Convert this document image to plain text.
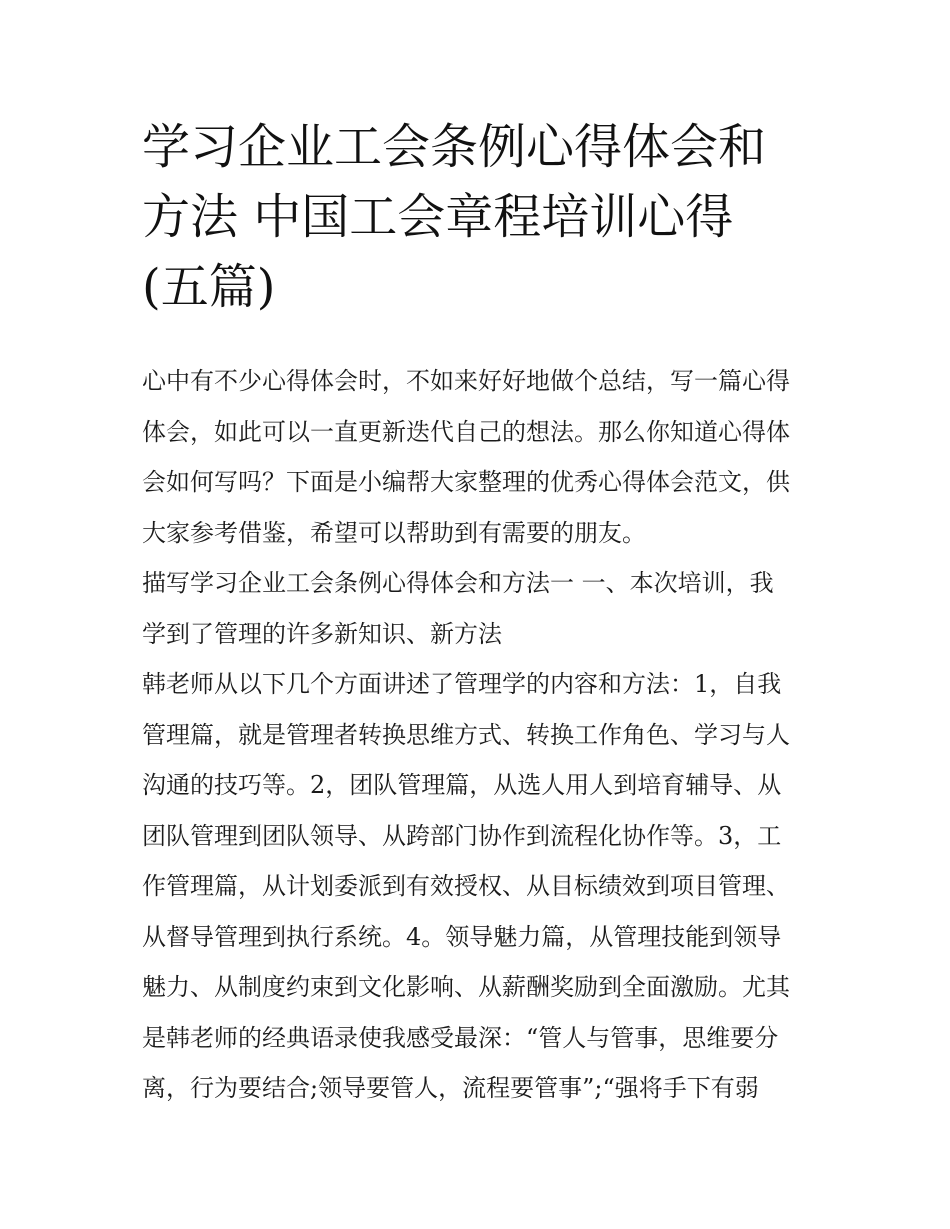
学习企业工会条例心得体会和
方法 中国工会章程培训心得
(五篇)
心中有不少心得体会时，不如来好好地做个总结，写一篇心得
体会，如此可以一直更新迭代自己的想法。那么你知道心得体
会如何写吗？下面是小编帮大家整理的优秀心得体会范文，供
大家参考借鉴，希望可以帮助到有需要的朋友。
描写学习企业工会条例心得体会和方法一 一、本次培训，我
学到了管理的许多新知识、新方法
韩老师从以下几个方面讲述了管理学的内容和方法：1，自我
管理篇，就是管理者转换思维方式、转换工作角色、学习与人
沟通的技巧等。2，团队管理篇，从选人用人到培育辅导、从
团队管理到团队领导、从跨部门协作到流程化协作等。3，工
作管理篇，从计划委派到有效授权、从目标绩效到项目管理、
从督导管理到执行系统。4。领导魅力篇，从管理技能到领导
魅力、从制度约束到文化影响、从薪酬奖励到全面激励。尤其
是韩老师的经典语录使我感受最深：“管人与管事，思维要分
离，行为要结合;领导要管人，流程要管事”;“强将手下有弱
